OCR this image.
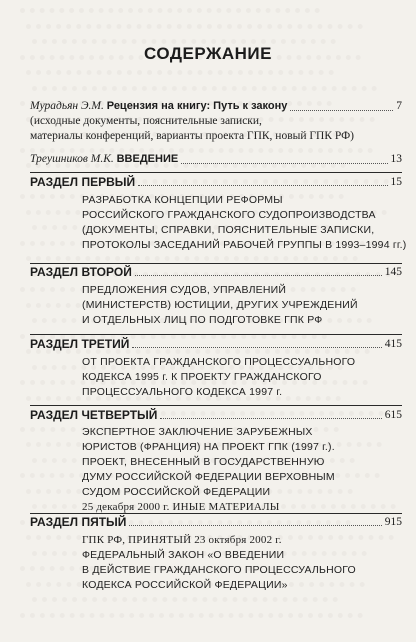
СОДЕРЖАНИЕ
Мурадьян Э.М.
Рецензия на книгу: Путь к закону	7
(исходные документы, пояснительные записки,
материалы конференций, варианты проекта ГПК, новый ГПК РФ)
Треушников М.К.
ВВЕДЕНИЕ	13
РАЗДЕЛ ПЕРВЫЙ	15
РАЗРАБОТКА КОНЦЕПЦИИ РЕФОРМЫ
РОССИЙСКОГО ГРАЖДАНСКОГО СУДОПРОИЗВОДСТВА
(ДОКУМЕНТЫ, СПРАВКИ, ПОЯСНИТЕЛЬНЫЕ ЗАПИСКИ,
ПРОТОКОЛЫ ЗАСЕДАНИЙ РАБОЧЕЙ ГРУППЫ В 1993–1994 гг.)
РАЗДЕЛ ВТОРОЙ	145
ПРЕДЛОЖЕНИЯ СУДОВ, УПРАВЛЕНИЙ
(МИНИСТЕРСТВ) ЮСТИЦИИ, ДРУГИХ УЧРЕЖДЕНИЙ
И ОТДЕЛЬНЫХ ЛИЦ ПО ПОДГОТОВКЕ ГПК РФ
РАЗДЕЛ ТРЕТИЙ	415
ОТ ПРОЕКТА ГРАЖДАНСКОГО ПРОЦЕССУАЛЬНОГО
КОДЕКСА 1995 г. К ПРОЕКТУ ГРАЖДАНСКОГО
ПРОЦЕССУАЛЬНОГО КОДЕКСА 1997 г.
РАЗДЕЛ ЧЕТВЕРТЫЙ	615
ЭКСПЕРТНОЕ ЗАКЛЮЧЕНИЕ ЗАРУБЕЖНЫХ
ЮРИСТОВ (ФРАНЦИЯ) НА ПРОЕКТ ГПК (1997 г.).
ПРОЕКТ, ВНЕСЕННЫЙ В ГОСУДАРСТВЕННУЮ
ДУМУ РОССИЙСКОЙ ФЕДЕРАЦИИ ВЕРХОВНЫМ
СУДОМ РОССИЙСКОЙ ФЕДЕРАЦИИ
25 декабря 2000 г. ИНЫЕ МАТЕРИАЛЫ
РАЗДЕЛ ПЯТЫЙ	915
ГПК РФ, ПРИНЯТЫЙ 23 октября 2002 г.
ФЕДЕРАЛЬНЫЙ ЗАКОН «О ВВЕДЕНИИ
В ДЕЙСТВИЕ ГРАЖДАНСКОГО ПРОЦЕССУАЛЬНОГО
КОДЕКСА РОССИЙСКОЙ ФЕДЕРАЦИИ»
